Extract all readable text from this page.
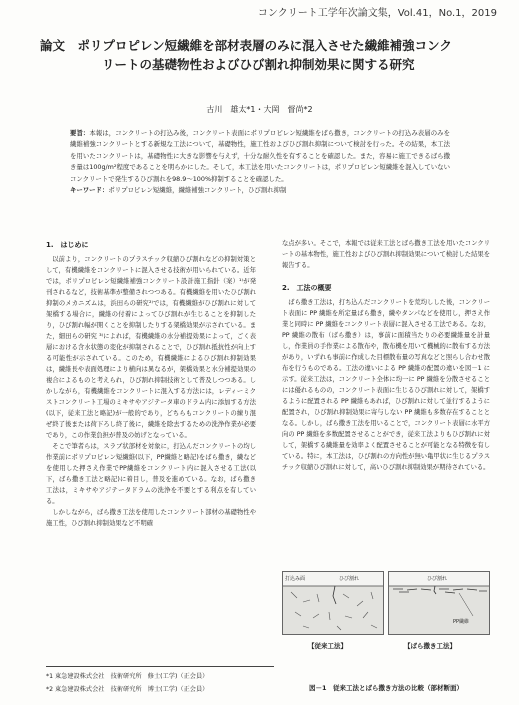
コンクリート工学年次論文集，Vol.41，No.1，2019
論文 ポリプロピレン短繊維を部材表層のみに混入させた繊維補強コンク
リートの基礎物性およびひび割れ抑制効果に関する研究
古川　雄太*1・大岡　督尚*2
要旨：本報は，コンクリートの打込み後，コンクリート表面にポリプロピレン短繊維をばら撒き，コンクリートの打込み表層のみを繊維補強コンクリートとする新規な工法について，基礎物性，施工性およびひび割れ抑制について検討を行った。その結果，本工法を用いたコンクリートは，基礎物性に大きな影響を与えず，十分な耐久性を有することを確認した。また，容易に施工できるばら撒き量は100g/m²程度であることを明らかにした。そして，本工法を用いたコンクリートは，ポリプロピレン短繊維を混入していないコンクリートで発生するひび割れを98.9〜100%抑制することを確認した。
キーワード：ポリプロピレン短繊維，繊維補強コンクリート，ひび割れ抑制
1.　はじめに

以前より，コンクリートのプラスチック収縮ひび割れなどの抑制対策として，有機繊維をコンクリートに混入させる技術が用いられている。近年では，ポリプロピレン短繊維補強コンクリート設計施工指針（案）¹⁾が発刊されるなど，技術基準が整備されつつある。有機繊維を用いたひび割れ抑制のメカニズムは，浜田らの研究²⁾では，有機繊維がひび割れに対して架橋する場合に，繊維の付着によってひび割れが生じることを抑制したり，ひび割れ幅が開くことを抑制したりする架橋効果が示されている。また，細田らの研究 ³⁾によれば，有機繊維の水分補提効果によって，ごく表層における含水状態の変化が抑制されることで，ひび割れ抵抗性が向上する可能性が示されている。このため，有機繊維によるひび割れ抑制効果は，繊維長や表面処理により横向は異なるが，架橋効果と水分補提効果の複合によるものと考えられ，ひび割れ抑制技術として普及しつつある。しかしながら，有機繊維をコンクリートに混入する方法には，レディーミクストコンクリート工場のミキサやアジテータ車のドラム内に添加する方法(以下，従来工法と略記)が一般的であり，どちらもコンクリートの練り混ぜ終了後または荷下ろし終了後に，繊維を除去するための洗浄作業が必要であり，この作業負担が普及の妨げとなっている。

そこで筆者らは，スラブ状部材を対象に，打込んだコンクリートの均し作業前にポリプロピレン短繊維(以下，PP繊維と略記)をばら撒き，繊などを使用した押さえ作業でPP繊維をコンクリート内に混入させる工法(以下，ばら撒き工法と略記)に着目し，普及を進めている。なお，ばら撒き工法は，ミキサやアジテータドラムの洗浄を不要とする利点を有している。

しかしながら，ばら撒き工法を使用したコンクリート部材の基礎物性や施工性，ひび割れ抑制効果など不明確

な点が多い。そこで，本報では従来工法とばら撒き工法を用いたコンクリートの基本物性，施工性およびひび割れ抑制効果について検討した結果を報告する。

2.　工法の概要

ばら撒き工法は，打ち込んだコンクリートを荒均しした後，コンクリート表面に PP 繊維を所定量ばら撒き，繊やタンパなどを使用し，押さえ作業と同時に PP 繊維をコンクリート表層に混入させる工法である。なお，PP 繊維の散布（ばら撒き）は，事前に面積当たりの必要繊維量を計量し，作業員の手作業による散布や，散布機を用いて機械的に散布する方法があり，いずれも事前に作成した目標散布量の写真などと照らし合わせ散布を行うものである。工法の違いによる PP 繊維の配置の違いを図－1 に示す。従来工法は，コンクリート全体に均一に PP 繊維を分散させることには優れるものの，コンクリート表面に生じるひび割れに対して，架橋するように配置される PP 繊維もあれば，ひび割れに対して並行するように配置され，ひび割れ抑制効果に寄与しない PP 繊維も多数存在することとなる。しかし，ばら撒き工法を用いることで，コンクリート表層に水平方向の PP 繊維を多数配置させることができ，従来工法よりもひび割れに対して，架橋する繊維量を効率よく配置させることが可能となる特徴を有している。特に，本工法は，ひび割れの方向性が無い亀甲状に生じるプラスチック収縮ひび割れに対して，高いひび割れ抑制効果が期待されている。

打込み面	ひび割れ	ひび割れ
PP繊維
【従来工法】	【ばら撒き工法】
図－1　従来工法とばら撒き方法の比較（部材断面）
*1 東急建設株式会社　技術研究所　修士(工学)（正会員）
*2 東急建設株式会社　技術研究所　博士(工学)（正会員）
